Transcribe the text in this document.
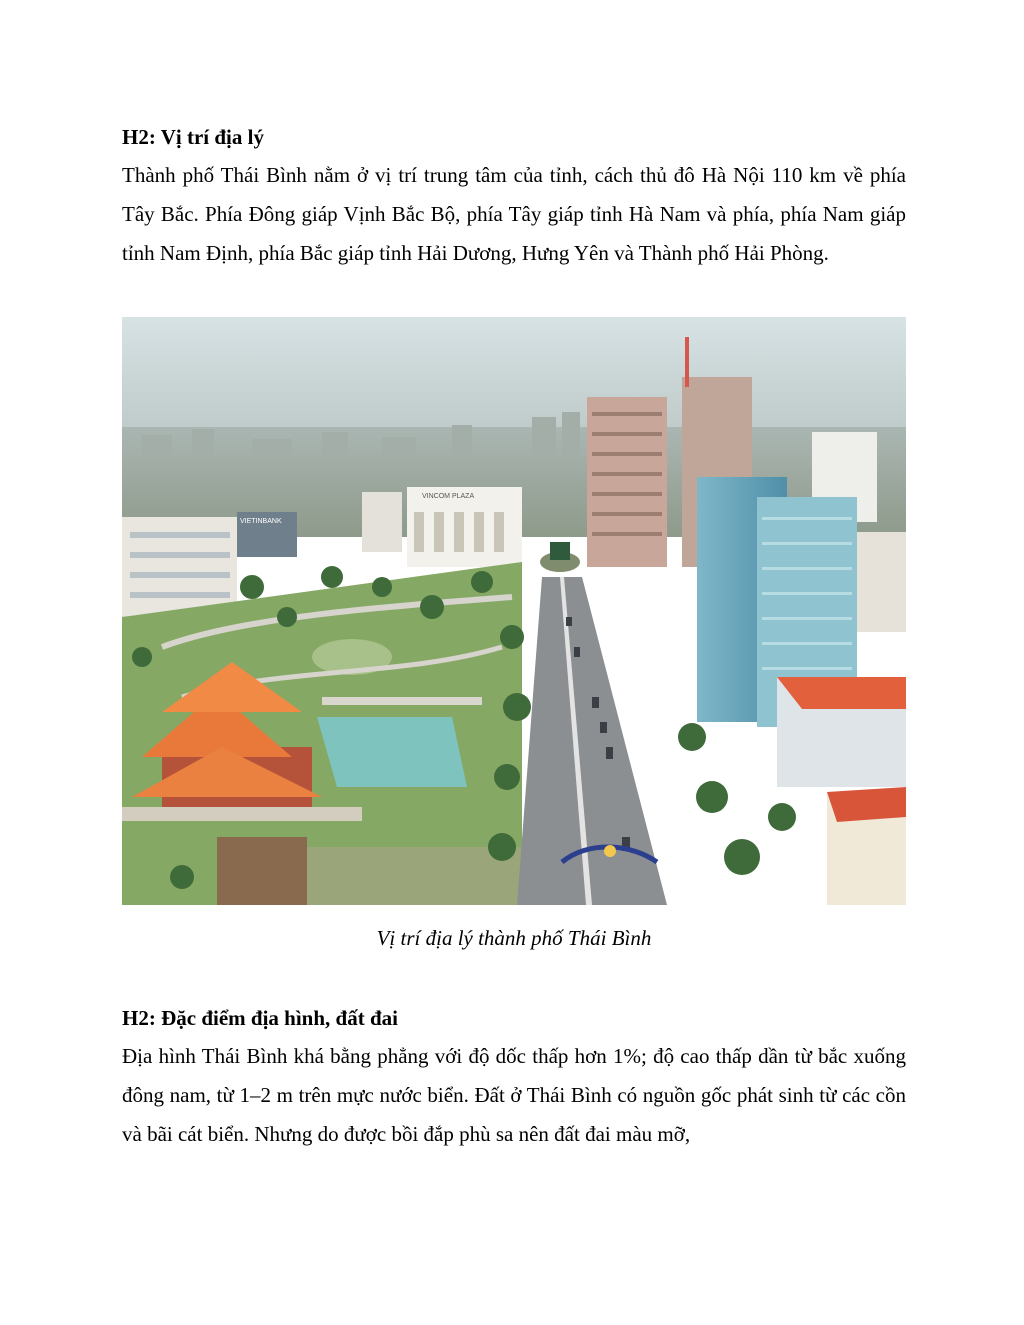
H2: Vị trí địa lý

Thành phố Thái Bình nằm ở vị trí trung tâm của tỉnh, cách thủ đô Hà Nội 110 km về phía Tây Bắc. Phía Đông giáp Vịnh Bắc Bộ, phía Tây giáp tỉnh Hà Nam và phía, phía Nam giáp tỉnh Nam Định, phía Bắc giáp tỉnh Hải Dương, Hưng Yên và Thành phố Hải Phòng.

VIETINBANK
VINCOM PLAZA

Vị trí địa lý thành phố Thái Bình

H2: Đặc điểm địa hình, đất đai

Địa hình Thái Bình khá bằng phẳng với độ dốc thấp hơn 1%; độ cao thấp dần từ bắc xuống đông nam, từ 1–2 m trên mực nước biển. Đất ở Thái Bình có nguồn gốc phát sinh từ các cồn và bãi cát biển. Nhưng do được bồi đắp phù sa nên đất đai màu mỡ,
